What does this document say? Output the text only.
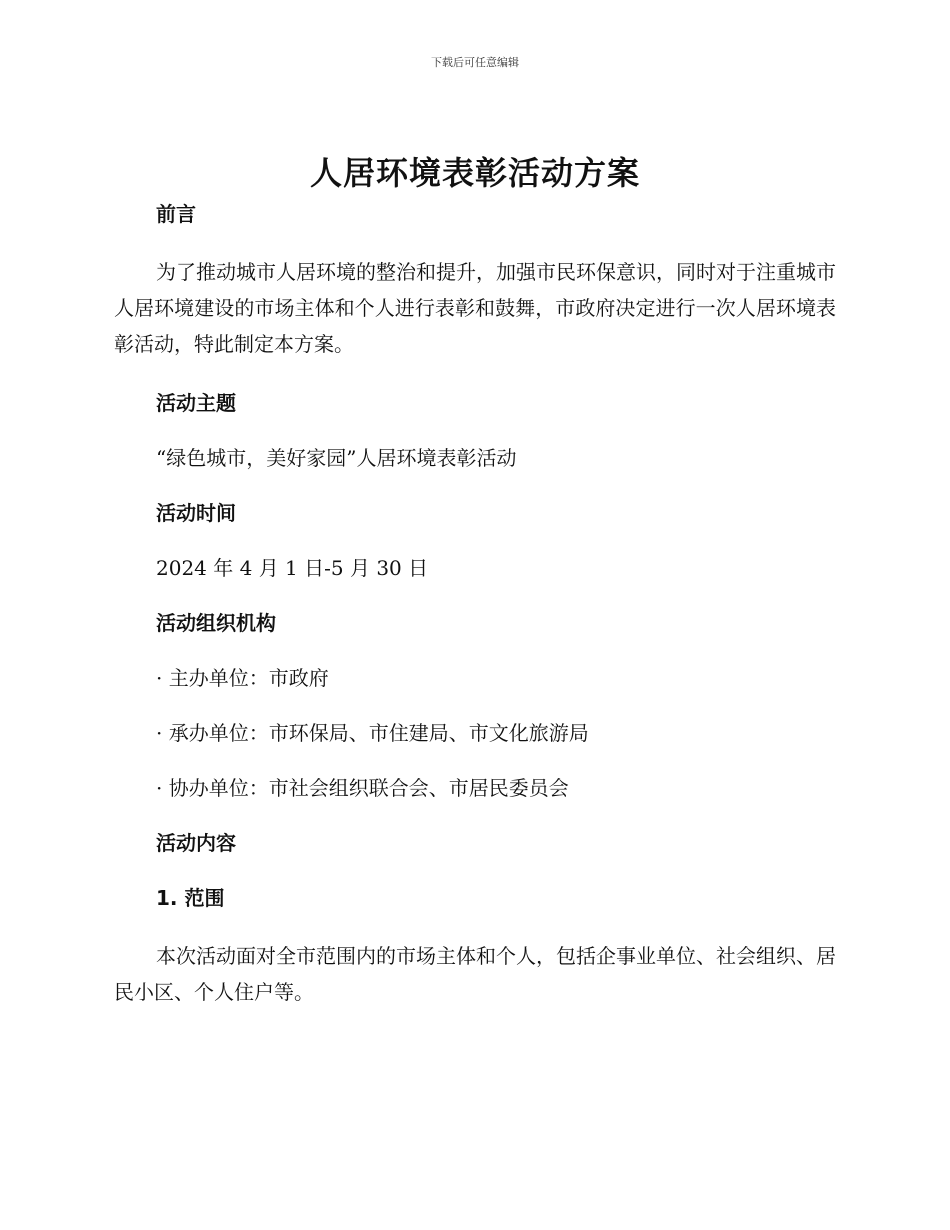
下载后可任意编辑
人居环境表彰活动方案

前言

为了推动城市人居环境的整治和提升，加强市民环保意识，同时对于注重城市人居环境建设的市场主体和个人进行表彰和鼓舞，市政府决定进行一次人居环境表彰活动，特此制定本方案。

活动主题

“绿色城市，美好家园”人居环境表彰活动

活动时间

2024 年 4 月 1 日-5 月 30 日

活动组织机构

· 主办单位：市政府

· 承办单位：市环保局、市住建局、市文化旅游局

· 协办单位：市社会组织联合会、市居民委员会

活动内容

1. 范围

本次活动面对全市范围内的市场主体和个人，包括企事业单位、社会组织、居民小区、个人住户等。
